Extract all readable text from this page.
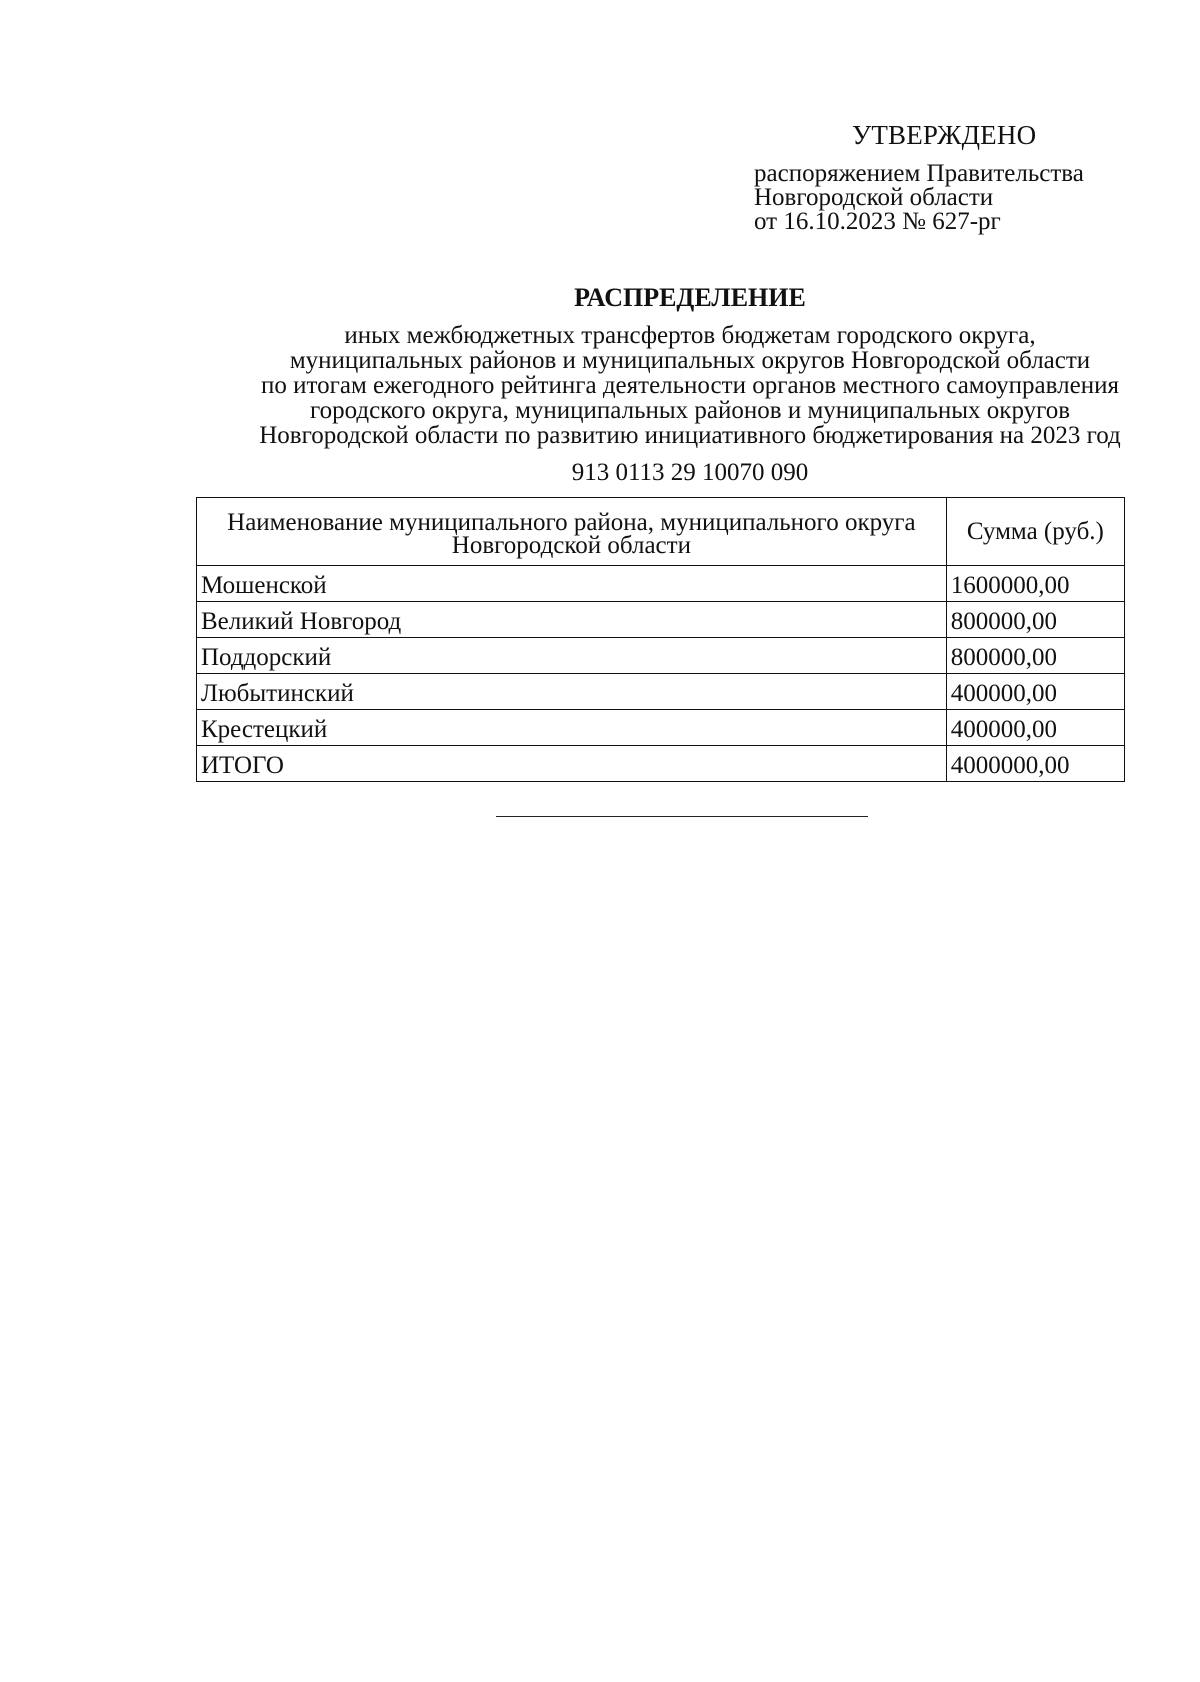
УТВЕРЖДЕНО
распоряжением Правительства
Новгородской области
от 16.10.2023 № 627-рг
РАСПРЕДЕЛЕНИЕ
иных межбюджетных трансфертов бюджетам городского округа,
муниципальных районов и муниципальных округов Новгородской области
по итогам ежегодного рейтинга деятельности органов местного самоуправления
городского округа, муниципальных районов и муниципальных округов
Новгородской области по развитию инициативного бюджетирования на 2023 год
913 0113 29 10070 090
Наименование муниципального района, муниципального округа Новгородской области	Сумма (руб.)
Мошенской	1600000,00
Великий Новгород	800000,00
Поддорский	800000,00
Любытинский	400000,00
Крестецкий	400000,00
ИТОГО	4000000,00
